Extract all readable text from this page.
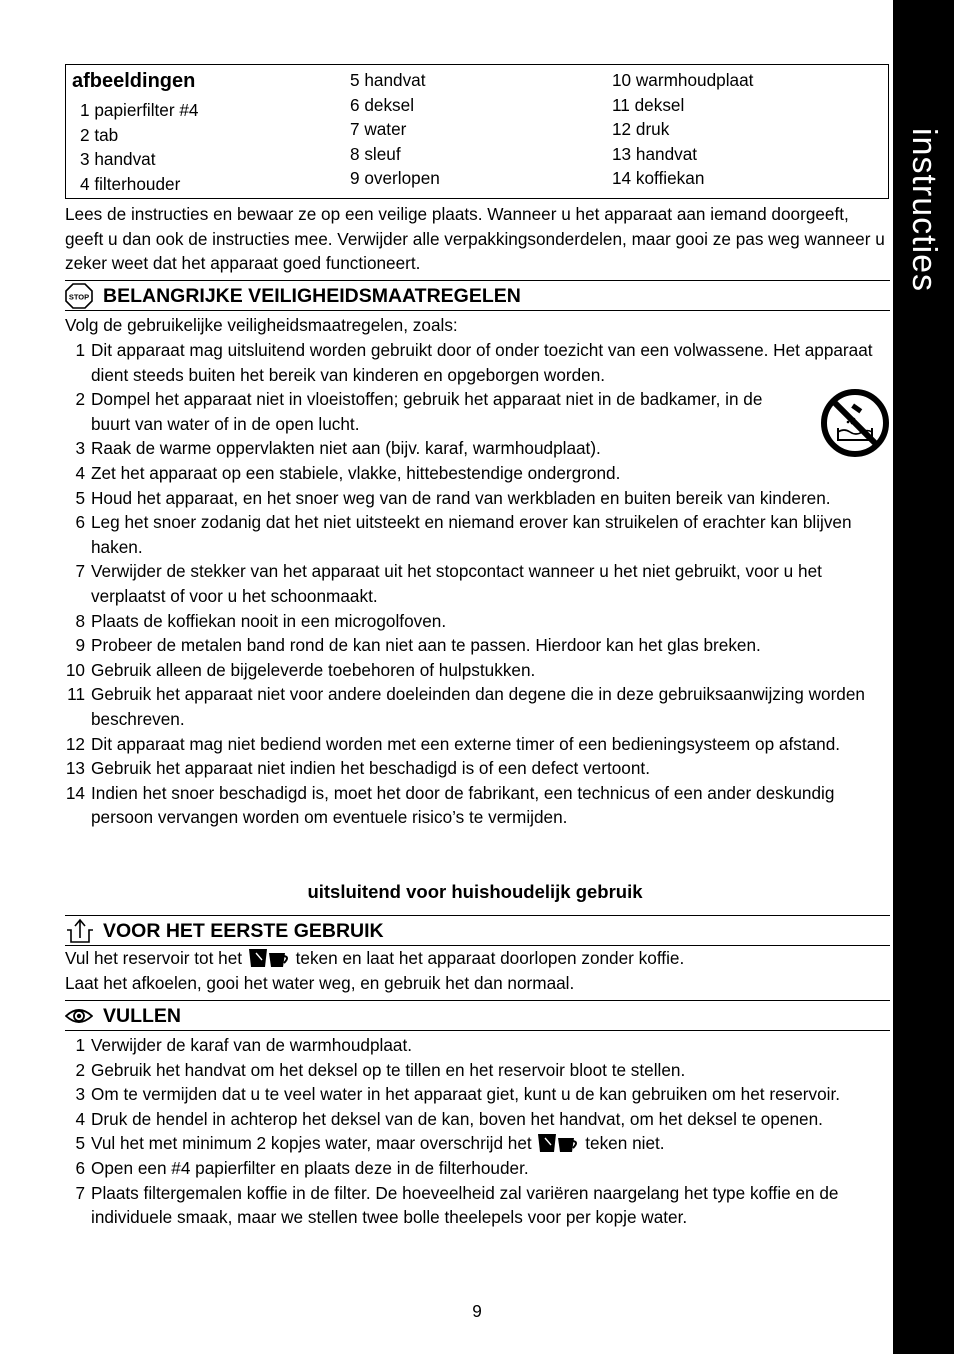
instructies
afbeeldingen
1 papierfilter #4
2 tab
3 handvat
4 filterhouder
5 handvat
6 deksel
7 water
8 sleuf
9 overlopen
10 warmhoudplaat
11 deksel
12 druk
13 handvat
14 koffiekan
Lees de instructies en bewaar ze op een veilige plaats. Wanneer u het apparaat aan iemand doorgeeft, geeft u dan ook de instructies mee. Verwijder alle verpakkingsonderdelen, maar gooi ze pas weg wanneer u zeker weet dat het apparaat goed functioneert.
STOP BELANGRIJKE VEILIGHEIDSMAATREGELEN
Volg de gebruikelijke veiligheidsmaatregelen, zoals:
1 Dit apparaat mag uitsluitend worden gebruikt door of onder toezicht van een volwassene. Het apparaat dient steeds buiten het bereik van kinderen en opgeborgen worden.
2 Dompel het apparaat niet in vloeistoffen; gebruik het apparaat niet in de badkamer, in de buurt van water of in de open lucht.
3 Raak de warme oppervlakten niet aan (bijv. karaf, warmhoudplaat).
4 Zet het apparaat op een stabiele, vlakke, hittebestendige ondergrond.
5 Houd het apparaat, en het snoer weg van de rand van werkbladen en buiten bereik van kinderen.
6 Leg het snoer zodanig dat het niet uitsteekt en niemand erover kan struikelen of erachter kan blijven haken.
7 Verwijder de stekker van het apparaat uit het stopcontact wanneer u het niet gebruikt, voor u het verplaatst of voor u het schoonmaakt.
8 Plaats de koffiekan nooit in een microgolfoven.
9 Probeer de metalen band rond de kan niet aan te passen. Hierdoor kan het glas breken.
10 Gebruik alleen de bijgeleverde toebehoren of hulpstukken.
11 Gebruik het apparaat niet voor andere doeleinden dan degene die in deze gebruiksaanwijzing worden beschreven.
12 Dit apparaat mag niet bediend worden met een externe timer of een bedieningsysteem op afstand.
13 Gebruik het apparaat niet indien het beschadigd is of een defect vertoont.
14 Indien het snoer beschadigd is, moet het door de fabrikant, een technicus of een ander deskundig persoon vervangen worden om eventuele risico’s te vermijden.
uitsluitend voor huishoudelijk gebruik
VOOR HET EERSTE GEBRUIK
Vul het reservoir tot het	teken en laat het apparaat doorlopen zonder koffie.
Laat het afkoelen, gooi het water weg, en gebruik het dan normaal.
VULLEN
1 Verwijder de karaf van de warmhoudplaat.
2 Gebruik het handvat om het deksel op te tillen en het reservoir bloot te stellen.
3 Om te vermijden dat u te veel water in het apparaat giet, kunt u de kan gebruiken om het reservoir.
4 Druk de hendel in achterop het deksel van de kan, boven het handvat, om het deksel te openen.
5 Vul het met minimum 2 kopjes water, maar overschrijd het	teken niet.
6 Open een #4 papierfilter en plaats deze in de filterhouder.
7 Plaats filtergemalen koffie in de filter. De hoeveelheid zal variëren naargelang het type koffie en de individuele smaak, maar we stellen twee bolle theelepels voor per kopje water.
9
